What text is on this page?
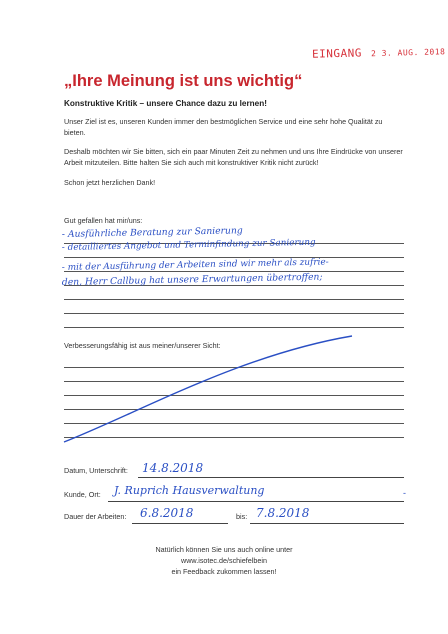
EINGANG 2 3. AUG. 2018
„Ihre Meinung ist uns wichtig“
Konstruktive Kritik – unsere Chance dazu zu lernen!
Unser Ziel ist es, unseren Kunden immer den bestmöglichen Service und eine sehr hohe Qualität zu bieten.
Deshalb möchten wir Sie bitten, sich ein paar Minuten Zeit zu nehmen und uns Ihre Eindrücke von unserer Arbeit mitzuteilen. Bitte halten Sie sich auch mit konstruktiver Kritik nicht zurück!
Schon jetzt herzlichen Dank!
Gut gefallen hat mir/uns:
- Ausführliche Beratung zur Sanierung
- detailliertes Angebot und Terminfindung zur Sanierung
- mit der Ausführung der Arbeiten sind wir mehr als zufrie-
den, Herr Callbug hat unsere Erwartungen übertroffen;
Verbesserungsfähig ist aus meiner/unserer Sicht:
Datum, Unterschrift: 14.8.2018
Kunde, Ort: J. Ruprich Hausverwaltung	-
Dauer der Arbeiten: 6.8.2018	bis: 7.8.2018
Natürlich können Sie uns auch online unter
www.isotec.de/schiefelbein
ein Feedback zukommen lassen!
